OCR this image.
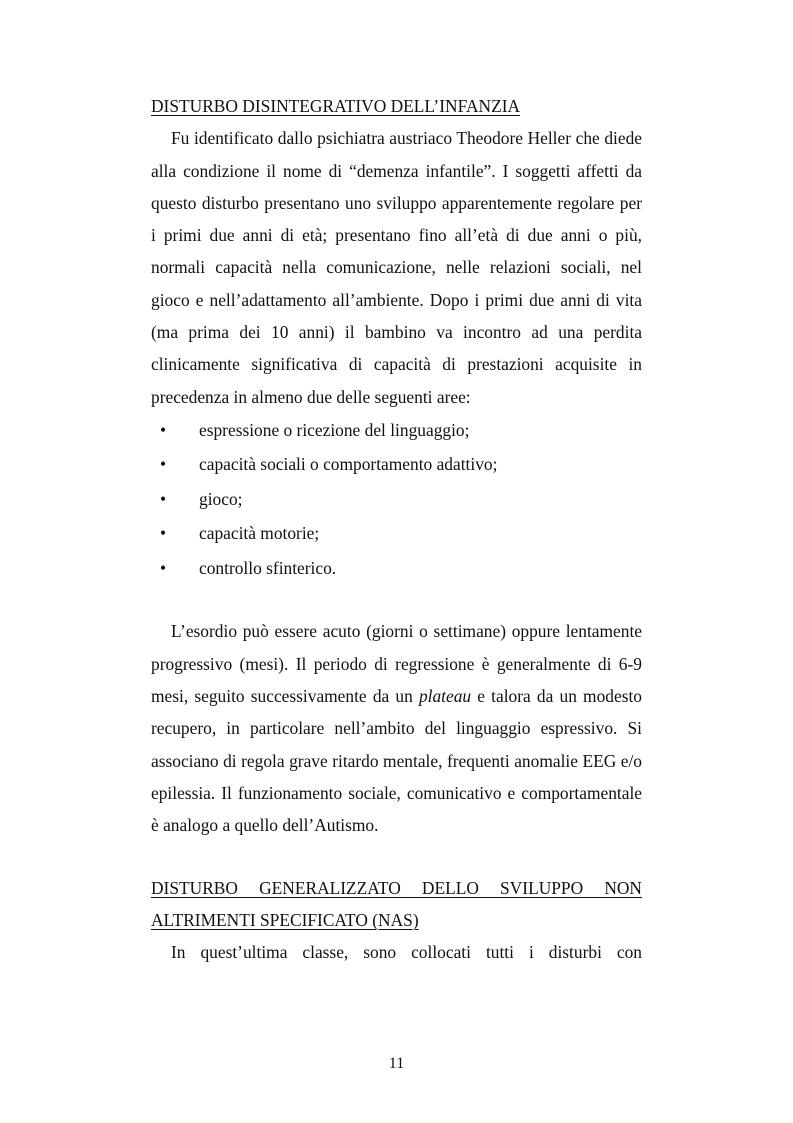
DISTURBO DISINTEGRATIVO DELL’INFANZIA

Fu identificato dallo psichiatra austriaco Theodore Heller che diede alla condizione il nome di “demenza infantile”. I soggetti affetti da questo disturbo presentano uno sviluppo apparentemente regolare per i primi due anni di età; presentano fino all’età di due anni o più, normali capacità nella comunicazione, nelle relazioni sociali, nel gioco e nell’adattamento all’ambiente. Dopo i primi due anni di vita (ma prima dei 10 anni) il bambino va incontro ad una perdita clinicamente significativa di capacità di prestazioni acquisite in precedenza in almeno due delle seguenti aree:

• espressione o ricezione del linguaggio;
• capacità sociali o comportamento adattivo;
• gioco;
• capacità motorie;
• controllo sfinterico.

L’esordio può essere acuto (giorni o settimane) oppure lentamente progressivo (mesi). Il periodo di regressione è generalmente di 6-9 mesi, seguito successivamente da un plateau e talora da un modesto recupero, in particolare nell’ambito del linguaggio espressivo. Si associano di regola grave ritardo mentale, frequenti anomalie EEG e/o epilessia. Il funzionamento sociale, comunicativo e comportamentale è analogo a quello dell’Autismo.

DISTURBO GENERALIZZATO DELLO SVILUPPO NON

ALTRIMENTI SPECIFICATO (NAS)

In quest’ultima classe, sono collocati tutti i disturbi con

11
